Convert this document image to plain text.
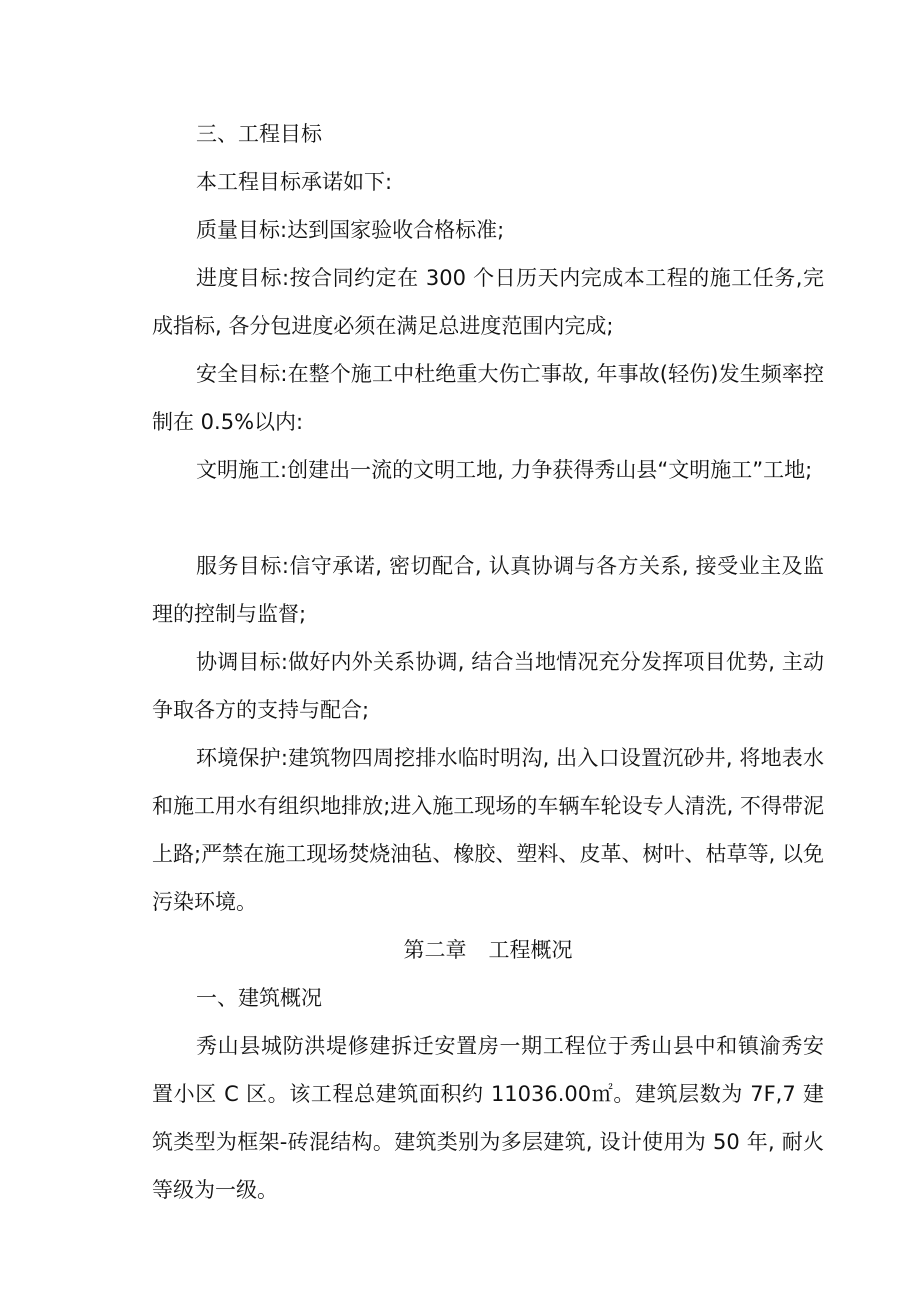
三、工程目标

本工程目标承诺如下:

质量目标:达到国家验收合格标准;

进度目标:按合同约定在 300 个日历天内完成本工程的施工任务,完成指标, 各分包进度必须在满足总进度范围内完成;

安全目标:在整个施工中杜绝重大伤亡事故, 年事故(轻伤)发生频率控制在 0.5%以内:

文明施工:创建出一流的文明工地, 力争获得秀山县“文明施工”工地;

服务目标:信守承诺, 密切配合, 认真协调与各方关系, 接受业主及监理的控制与监督;

协调目标:做好内外关系协调, 结合当地情况充分发挥项目优势, 主动争取各方的支持与配合;

环境保护:建筑物四周挖排水临时明沟, 出入口设置沉砂井, 将地表水和施工用水有组织地排放;进入施工现场的车辆车轮设专人清洗, 不得带泥上路;严禁在施工现场焚烧油毡、橡胶、塑料、皮革、树叶、枯草等, 以免污染环境。

第二章 工程概况

一、建筑概况

秀山县城防洪堤修建拆迁安置房一期工程位于秀山县中和镇渝秀安置小区 C 区。该工程总建筑面积约 11036.00㎡。建筑层数为 7F,7 建筑类型为框架-砖混结构。建筑类别为多层建筑, 设计使用为 50 年, 耐火等级为一级。
